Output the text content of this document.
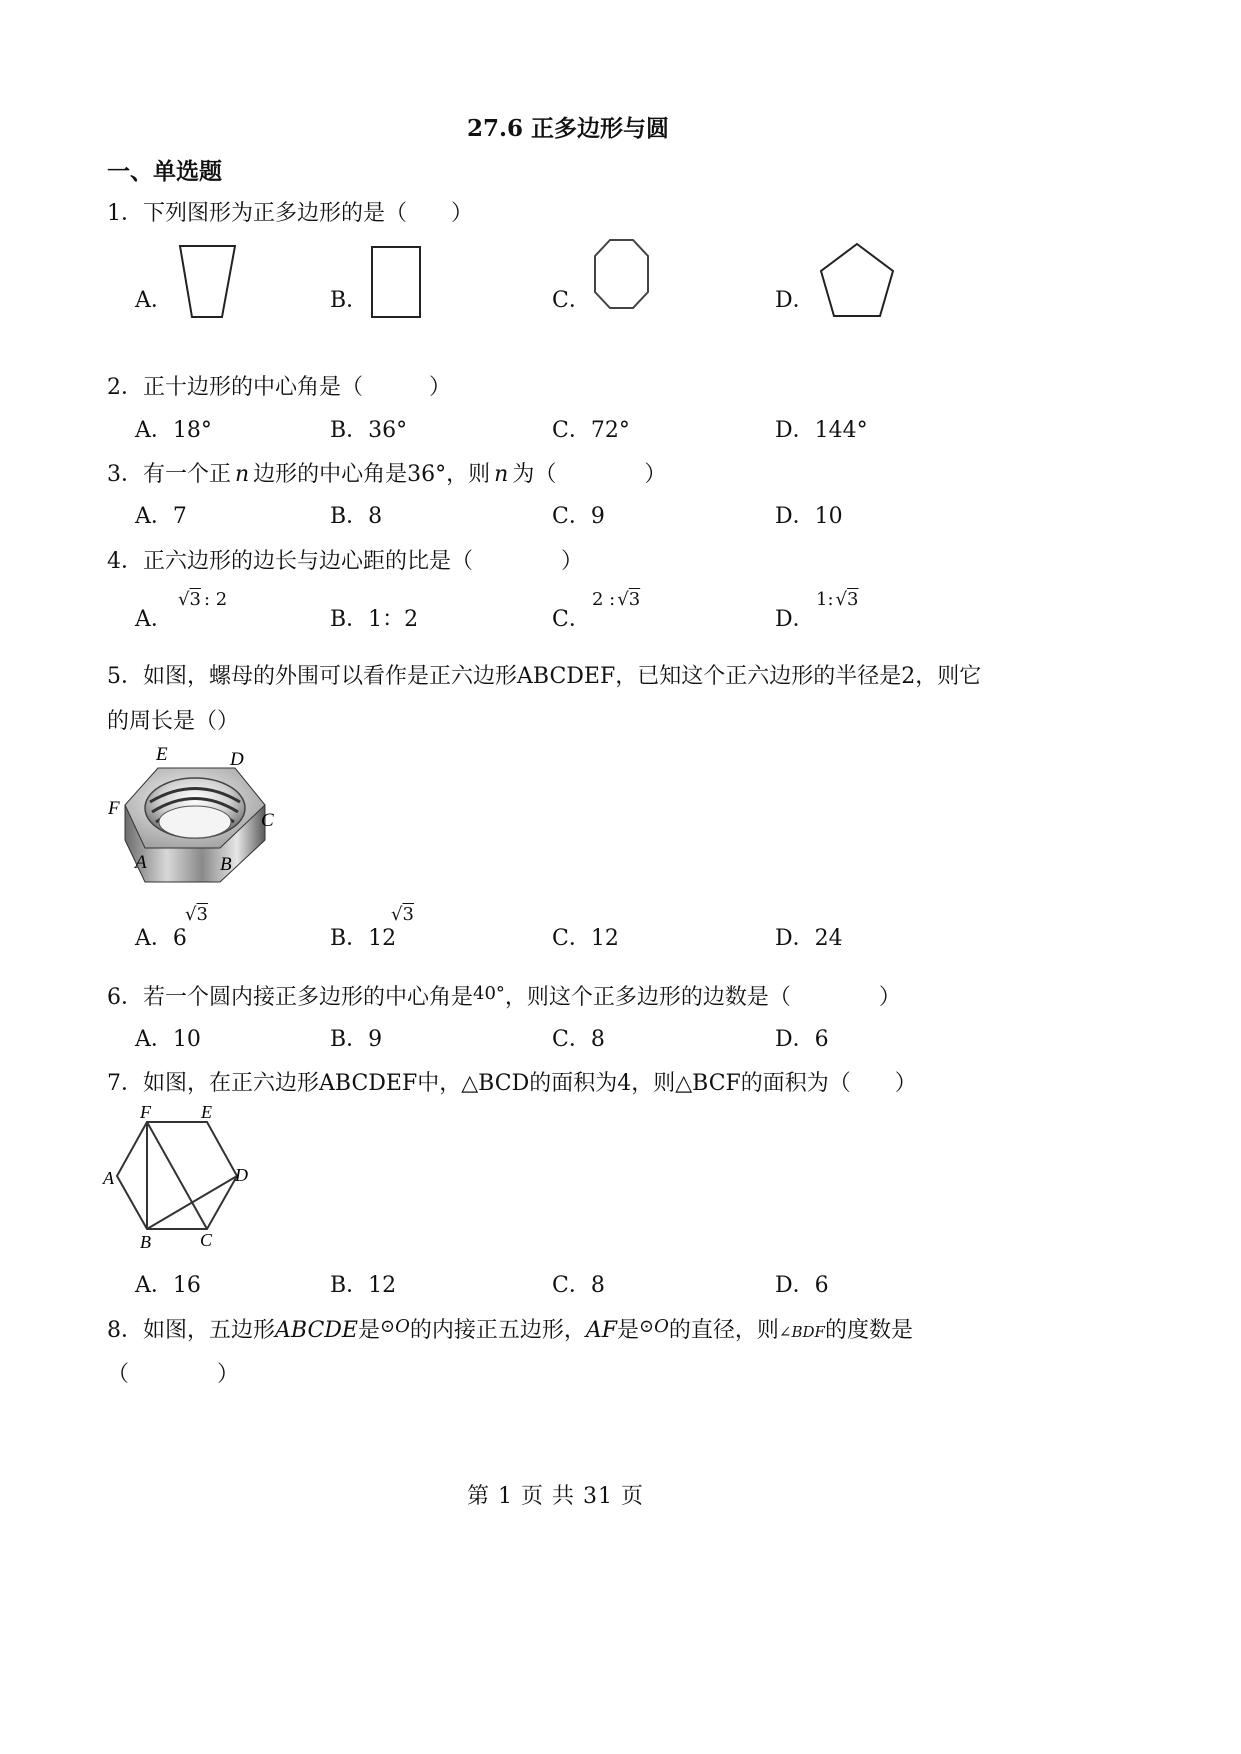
27.6 正多边形与圆
一、单选题
1．下列图形为正多边形的是（　　）
A．	B．	C．	D．
2．正十边形的中心角是（　　　）
A．18°	B．36°	C．72°	D．144°
3．有一个正 n 边形的中心角是36°，则 n 为（　　　　）
A．7	B．8	C．9	D．10
4．正六边形的边长与边心距的比是（　　　　）
A．
√3 : 2
B．1：2	C．
2 : √3
D．
1: √3
5．如图，螺母的外围可以看作是正六边形ABCDEF，已知这个正六边形的半径是2，则它
的周长是（）
E	D
F
C
A	B
A．6
√3
B．12
√3
C．12	D．24
6．若一个圆内接正多边形的中心角是$^{40^\circ}$，则这个正多边形的边数是（　　　　）
A．10	B．9	C．8	D．6
7．如图，在正六边形ABCDEF中，△BCD的面积为4，则△BCF的面积为（　　）
F	E
A	D
B	C
A．16	B．12	C．8	D．6
8．如图，五边形ABCDE是$^{⊙O}$的内接正五边形，AF是$^{⊙O}$的直径，则∠BDF的度数是
（　　　　）
第 1 页 共 31 页
